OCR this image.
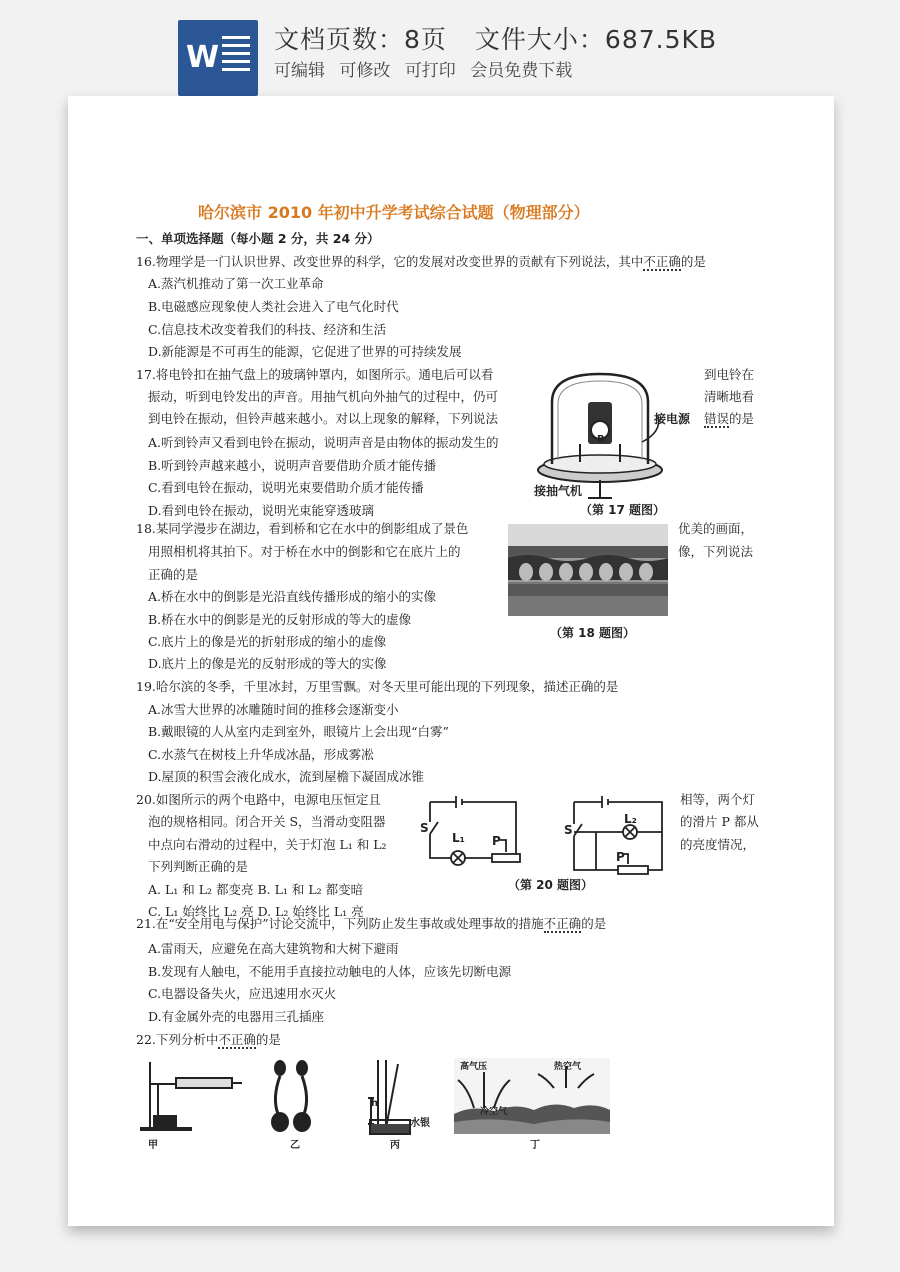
W
文档页数：8页 文件大小：687.5KB
可编辑 可修改 可打印 会员免费下载
哈尔滨市 2010 年初中升学考试综合试题（物理部分）
一、单项选择题（每小题 2 分，共 24 分）
16.物理学是一门认识世界、改变世界的科学，它的发展对改变世界的贡献有下列说法，其中不正确的是
A.蒸汽机推动了第一次工业革命
B.电磁感应现象使人类社会进入了电气化时代
C.信息技术改变着我们的科技、经济和生活
D.新能源是不可再生的能源，它促进了世界的可持续发展
17.将电铃扣在抽气盘上的玻璃钟罩内，如图所示。通电后可以看	到电铃在
振动，听到电铃发出的声音。用抽气机向外抽气的过程中，仍可	清晰地看
到电铃在振动，但铃声越来越小。对以上现象的解释，下列说法	错误的是
A.听到铃声又看到电铃在振动，说明声音是由物体的振动发生的
B.听到铃声越来越小，说明声音要借助介质才能传播
C.看到电铃在振动，说明光束要借助介质才能传播
D.看到电铃在振动，说明光束能穿透玻璃
接电源
B
接抽气机
（第 17 题图）
18.某同学漫步在湖边，看到桥和它在水中的倒影组成了景色	优美的画面，
用照相机将其拍下。对于桥在水中的倒影和它在底片上的	像，下列说法
正确的是
A.桥在水中的倒影是光沿直线传播形成的缩小的实像
B.桥在水中的倒影是光的反射形成的等大的虚像
C.底片上的像是光的折射形成的缩小的虚像
D.底片上的像是光的反射形成的等大的实像
（第 18 题图）
19.哈尔滨的冬季，千里冰封，万里雪飘。对冬天里可能出现的下列现象，描述正确的是
A.冰雪大世界的冰雕随时间的推移会逐渐变小
B.戴眼镜的人从室内走到室外，眼镜片上会出现“白雾”
C.水蒸气在树枝上升华成冰晶，形成雾凇
D.屋顶的积雪会液化成水，流到屋檐下凝固成冰锥
20.如图所示的两个电路中，电源电压恒定且	相等，两个灯
泡的规格相同。闭合开关 S，当滑动变阻器	的滑片 P 都从
中点向右滑动的过程中，关于灯泡 L₁ 和 L₂	的亮度情况，
下列判断正确的是
A. L₁ 和 L₂ 都变亮 B. L₁ 和 L₂ 都变暗
C. L₁ 始终比 L₂ 亮 D. L₂ 始终比 L₁ 亮
S
L₁ P
S
L₂
P
（第 20 题图）
21.在“安全用电与保护”讨论交流中，下列防止发生事故或处理事故的措施不正确的是
A.雷雨天，应避免在高大建筑物和大树下避雨
B.发现有人触电，不能用手直接拉动触电的人体，应该先切断电源
C.电器设备失火，应迅速用水灭火
D.有金属外壳的电器用三孔插座
22.下列分析中不正确的是
甲	乙
h
水银
丙
高气压
冷空气
热空气
丁
